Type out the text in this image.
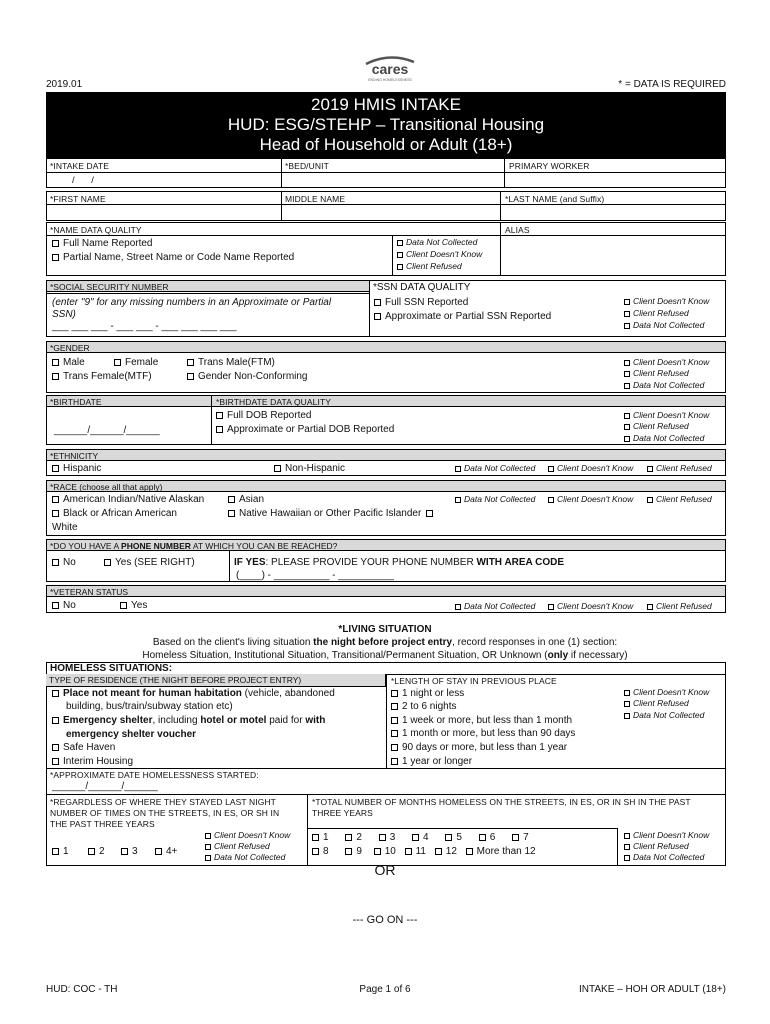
cares
ENDING HOMELESSNESS
2019.01	* = DATA IS REQUIRED
2019 HMIS INTAKE
HUD: ESG/STEHP – Transitional Housing
Head of Household or Adult (18+)
*INTAKE DATE
/ /
*BED/UNIT	PRIMARY WORKER
*FIRST NAME	MIDDLE NAME	*LAST NAME (and Suffix)
*NAME DATA QUALITY	ALIAS
Full Name Reported
Partial Name, Street Name or Code Name Reported
Data Not Collected
Client Doesn't Know
Client Refused
*SOCIAL SECURITY NUMBER	*SSN DATA QUALITY
(enter "9" for any missing numbers in an Approximate or Partial
SSN)
___ ___ ___ - ___ ___ - ___ ___ ___ ___
Full SSN Reported
Approximate or Partial SSN Reported
Client Doesn't Know
Client Refused
Data Not Collected
*GENDER
Male	Female	Trans Male(FTM)
Trans Female(MTF)	Gender Non-Conforming
Client Doesn't Know
Client Refused
Data Not Collected
*BIRTHDATE	*BIRTHDATE DATA QUALITY
______/______/______
Full DOB Reported
Approximate or Partial DOB Reported
Client Doesn't Know
Client Refused
Data Not Collected
*ETHNICITY
Hispanic	Non-Hispanic	Data Not Collected	Client Doesn't Know	Client Refused
*RACE (choose all that apply)
American Indian/Native Alaskan	Asian
Black or African American	Native Hawaiian or Other Pacific Islander
White
Data Not Collected	Client Doesn't Know	Client Refused
*DO YOU HAVE A PHONE NUMBER AT WHICH YOU CAN BE REACHED?
No	Yes (SEE RIGHT)	IF YES: PLEASE PROVIDE YOUR PHONE NUMBER WITH AREA CODE
(____) - __________ - __________
*VETERAN STATUS
No	Yes	Data Not Collected	Client Doesn't Know	Client Refused
*LIVING SITUATION
Based on the client's living situation the night before project entry, record responses in one (1) section:
Homeless Situation, Institutional Situation, Transitional/Permanent Situation, OR Unknown (only if necessary)
HOMELESS SITUATIONS:
TYPE OF RESIDENCE (THE NIGHT BEFORE PROJECT ENTRY)	*LENGTH OF STAY IN PREVIOUS PLACE
Place not meant for human habitation (vehicle, abandoned
building, bus/train/subway station etc)
Emergency shelter, including hotel or motel paid for with
emergency shelter voucher
Safe Haven
Interim Housing
1 night or less
2 to 6 nights
1 week or more, but less than 1 month
1 month or more, but less than 90 days
90 days or more, but less than 1 year
1 year or longer
Client Doesn't Know
Client Refused
Data Not Collected
*APPROXIMATE DATE HOMELESSNESS STARTED:
______/______/______
*REGARDLESS OF WHERE THEY STAYED LAST NIGHT
NUMBER OF TIMES ON THE STREETS, IN ES, OR SH IN
THE PAST THREE YEARS
1	2	3	4+
Client Doesn't Know
Client Refused
Data Not Collected
*TOTAL NUMBER OF MONTHS HOMELESS ON THE STREETS, IN ES, OR IN SH IN THE PAST
THREE YEARS
1	2	3	4	5	6	7
8	9 10 11 12 More than 12
Client Doesn't Know
Client Refused
Data Not Collected
OR
--- GO ON ---
HUD: COC - TH	Page 1 of 6	INTAKE – HOH OR ADULT (18+)
